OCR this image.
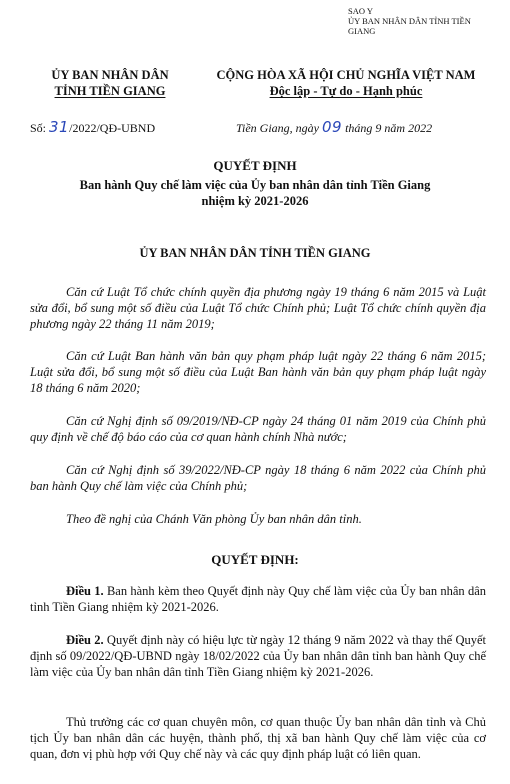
SAO Y
ỦY BAN NHÂN DÂN TỈNH TIỀN GIANG
ỦY BAN NHÂN DÂN
TỈNH TIỀN GIANG
CỘNG HÒA XÃ HỘI CHỦ NGHĨA VIỆT NAM
Độc lập - Tự do - Hạnh phúc
Số: 31/2022/QĐ-UBND	Tiền Giang, ngày 09 tháng 9 năm 2022
QUYẾT ĐỊNH
Ban hành Quy chế làm việc của Ủy ban nhân dân tỉnh Tiền Giang
nhiệm kỳ 2021-2026
ỦY BAN NHÂN DÂN TỈNH TIỀN GIANG
Căn cứ Luật Tổ chức chính quyền địa phương ngày 19 tháng 6 năm 2015 và Luật sửa đổi, bổ sung một số điều của Luật Tổ chức Chính phủ; Luật Tổ chức chính quyền địa phương ngày 22 tháng 11 năm 2019;
Căn cứ Luật Ban hành văn bản quy phạm pháp luật ngày 22 tháng 6 năm 2015; Luật sửa đổi, bổ sung một số điều của Luật Ban hành văn bản quy phạm pháp luật ngày 18 tháng 6 năm 2020;
Căn cứ Nghị định số 09/2019/NĐ-CP ngày 24 tháng 01 năm 2019 của Chính phủ quy định về chế độ báo cáo của cơ quan hành chính Nhà nước;
Căn cứ Nghị định số 39/2022/NĐ-CP ngày 18 tháng 6 năm 2022 của Chính phủ ban hành Quy chế làm việc của Chính phủ;
Theo đề nghị của Chánh Văn phòng Ủy ban nhân dân tỉnh.
QUYẾT ĐỊNH:
Điều 1. Ban hành kèm theo Quyết định này Quy chế làm việc của Ủy ban nhân dân tỉnh Tiền Giang nhiệm kỳ 2021-2026.
Điều 2. Quyết định này có hiệu lực từ ngày 12 tháng 9 năm 2022 và thay thế Quyết định số 09/2022/QĐ-UBND ngày 18/02/2022 của Ủy ban nhân dân tỉnh ban hành Quy chế làm việc của Ủy ban nhân dân tỉnh Tiền Giang nhiệm kỳ 2021-2026.
Thủ trưởng các cơ quan chuyên môn, cơ quan thuộc Ủy ban nhân dân tỉnh và Chủ tịch Ủy ban nhân dân các huyện, thành phố, thị xã ban hành Quy chế làm việc của cơ quan, đơn vị phù hợp với Quy chế này và các quy định pháp luật có liên quan.
